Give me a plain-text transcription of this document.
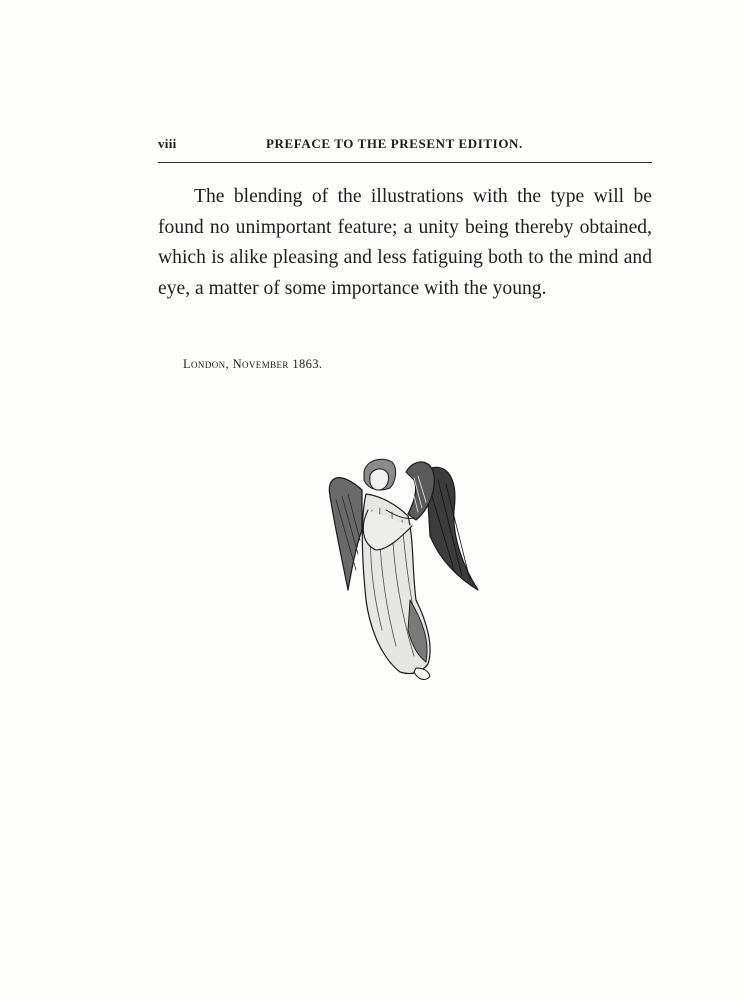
viii	PREFACE TO THE PRESENT EDITION.

The blending of the illustrations with the type will be found no unimportant feature; a unity being thereby obtained, which is alike pleasing and less fatiguing both to the mind and eye, a matter of some importance with the young.

London, November 1863.
